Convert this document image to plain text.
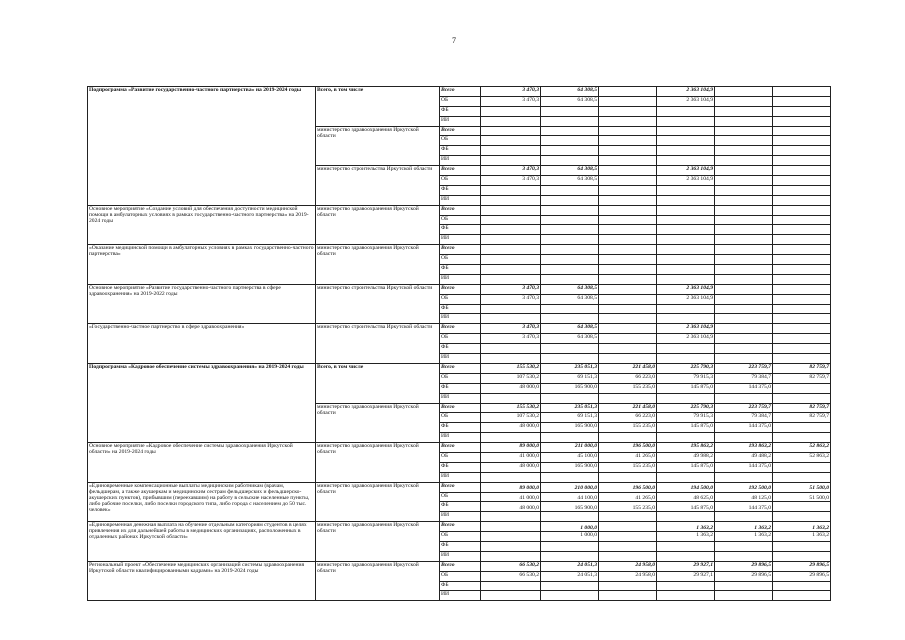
7
Подпрограмма «Развитие государственно-частного партнерства» на 2019-2024 годы	Всего, в том числе	Всего	3 470,3	64 308,5		2 363 104,9		
		ОБ	3 470,3	64 308,5		2 363 104,9		
		ФБ						
		ИИ						
	министерство здравоохранения Иркутской области	Всего						
		ОБ						
		ФБ						
		ИИ						
	министерство строительства Иркутской области	Всего	3 470,3	64 308,5		2 363 104,9		
		ОБ	3 470,3	64 308,5		2 363 104,9		
		ФБ						
		ИИ						
Основное мероприятие «Создание условий для обеспечения доступности медицинской помощи в амбулаторных условиях в рамках государственно-частного партнерства» на 2019-2024 годы	министерство здравоохранения Иркутской области	Всего						
		ОБ						
		ФБ						
		ИИ						
«Оказание медицинской помощи в амбулаторных условиях в рамках государственно-частного партнерства»	министерство здравоохранения Иркутской области	Всего						
		ОБ						
		ФБ						
		ИИ						
Основное мероприятие «Развитие государственно-частного партнерства в сфере здравоохранения» на 2019-2022 годы	министерство строительства Иркутской области	Всего	3 470,3	64 308,5		2 363 104,9		
		ОБ	3 470,3	64 308,5		2 363 104,9		
		ФБ						
		ИИ						
«Государственно-частное партнерство в сфере здравоохранения»	министерство строительства Иркутской области	Всего	3 470,3	64 308,5		2 363 104,9		
		ОБ	3 470,3	64 308,5		2 363 104,9		
		ФБ						
		ИИ						
Подпрограмма «Кадровое обеспечение системы здравоохранения» на 2019-2024 годы	Всего, в том числе	Всего	155 530,2	235 051,3	221 458,0	225 790,3	223 759,7	82 759,7
		ОБ	107 530,2	69 151,3	66 223,0	79 915,3	79 384,7	82 759,7
		ФБ	48 000,0	165 900,0	155 235,0	145 875,0	144 375,0	
		ИИ						
	министерство здравоохранения Иркутской области	Всего	155 530,2	235 051,3	221 458,0	225 790,3	223 759,7	82 759,7
		ОБ	107 530,2	69 151,3	66 223,0	79 915,3	79 384,7	82 759,7
		ФБ	48 000,0	165 900,0	155 235,0	145 875,0	144 375,0	
		ИИ						
Основное мероприятие «Кадровое обеспечение системы здравоохранения Иркутской области» на 2019-2024 годы	министерство здравоохранения Иркутской области	Всего	89 000,0	211 000,0	196 500,0	195 863,2	193 863,2	52 863,2
		ОБ	41 000,0	45 100,0	41 265,0	49 988,2	49 488,2	52 863,2
		ФБ	48 000,0	165 900,0	155 235,0	145 875,0	144 375,0	
		ИИ						
«Единовременные компенсационные выплаты медицинским работникам (врачам, фельдшерам, а также акушеркам и медицинским сестрам фельдшерских и фельдшерско-акушерских пунктов), прибывшим (переехавшим) на работу в сельские населенные пункты, либо рабочие поселки, либо поселки городского типа, либо города с населением до 50 тыс. человек»	министерство здравоохранения Иркутской области	Всего	89 000,0	210 000,0	196 500,0	194 500,0	192 500,0	51 500,0
		ОБ	41 000,0	44 100,0	41 265,0	48 625,0	48 125,0	51 500,0
		ФБ	48 000,0	165 900,0	155 235,0	145 875,0	144 375,0	
		ИИ						
«Единовременная денежная выплата на обучение отдельным категориям студентов в целях привлечения их для дальнейшей работы в медицинских организациях, расположенных в отдаленных районах Иркутской области»	министерство здравоохранения Иркутской области	Всего		1 000,0		1 363,2	1 363,2	1 363,2
		ОБ		1 000,0		1 363,2	1 363,2	1 363,2
		ФБ						
		ИИ						
Региональный проект «Обеспечение медицинских организаций системы здравоохранения Иркутской области квалифицированными кадрами» на 2019-2024 годы	министерство здравоохранения Иркутской области	Всего	66 530,2	24 051,3	24 958,0	29 927,1	29 896,5	29 896,5
		ОБ	66 530,2	24 051,3	24 958,0	29 927,1	29 896,5	29 896,5
		ФБ						
		ИИ						
